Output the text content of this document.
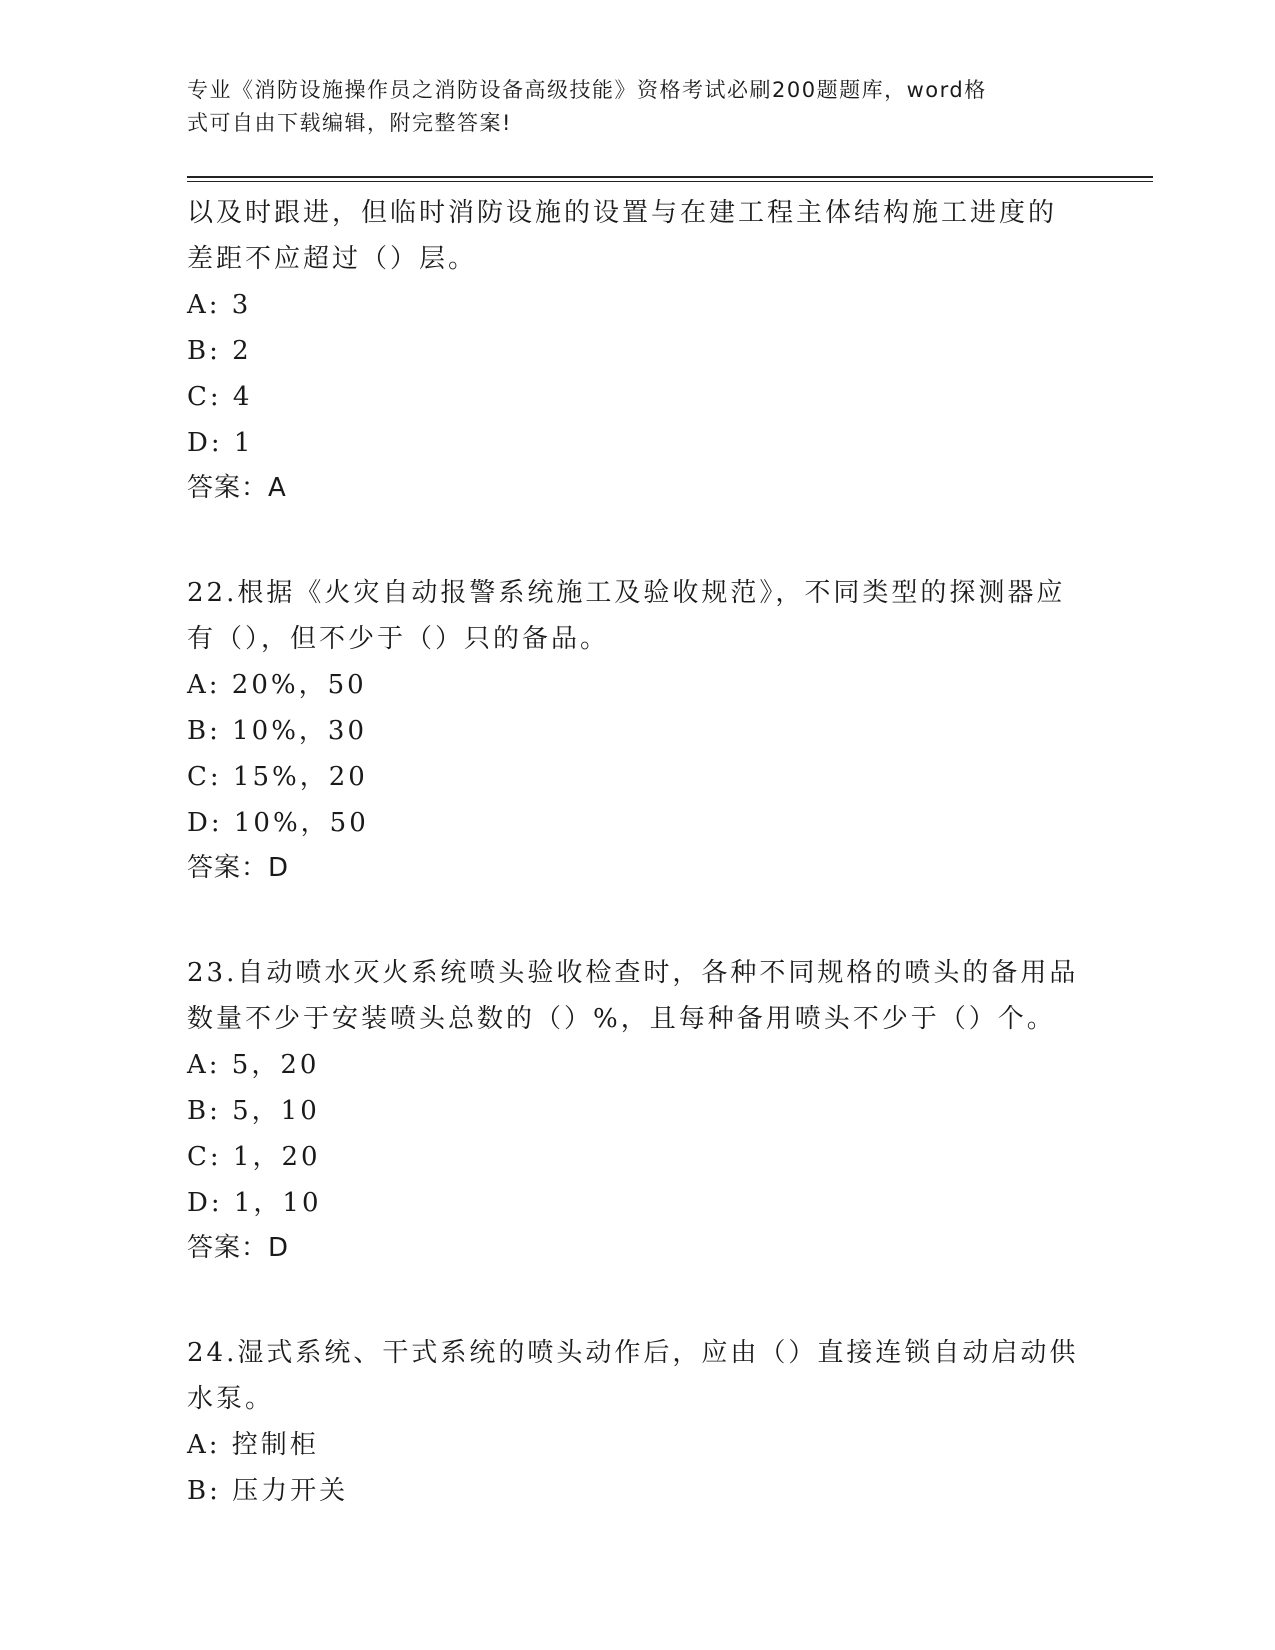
专业《消防设施操作员之消防设备高级技能》资格考试必刷200题题库，word格
式可自由下载编辑，附完整答案!
以及时跟进，但临时消防设施的设置与在建工程主体结构施工进度的
差距不应超过（）层。
A: 3
B: 2
C: 4
D: 1
答案：A
22.根据《火灾自动报警系统施工及验收规范》，不同类型的探测器应
有（），但不少于（）只的备品。
A: 20%，50
B: 10%，30
C: 15%，20
D: 10%，50
答案：D
23.自动喷水灭火系统喷头验收检查时，各种不同规格的喷头的备用品
数量不少于安装喷头总数的（）%，且每种备用喷头不少于（）个。
A: 5，20
B: 5，10
C: 1，20
D: 1，10
答案：D
24.湿式系统、干式系统的喷头动作后，应由（）直接连锁自动启动供
水泵。
A: 控制柜
B: 压力开关
